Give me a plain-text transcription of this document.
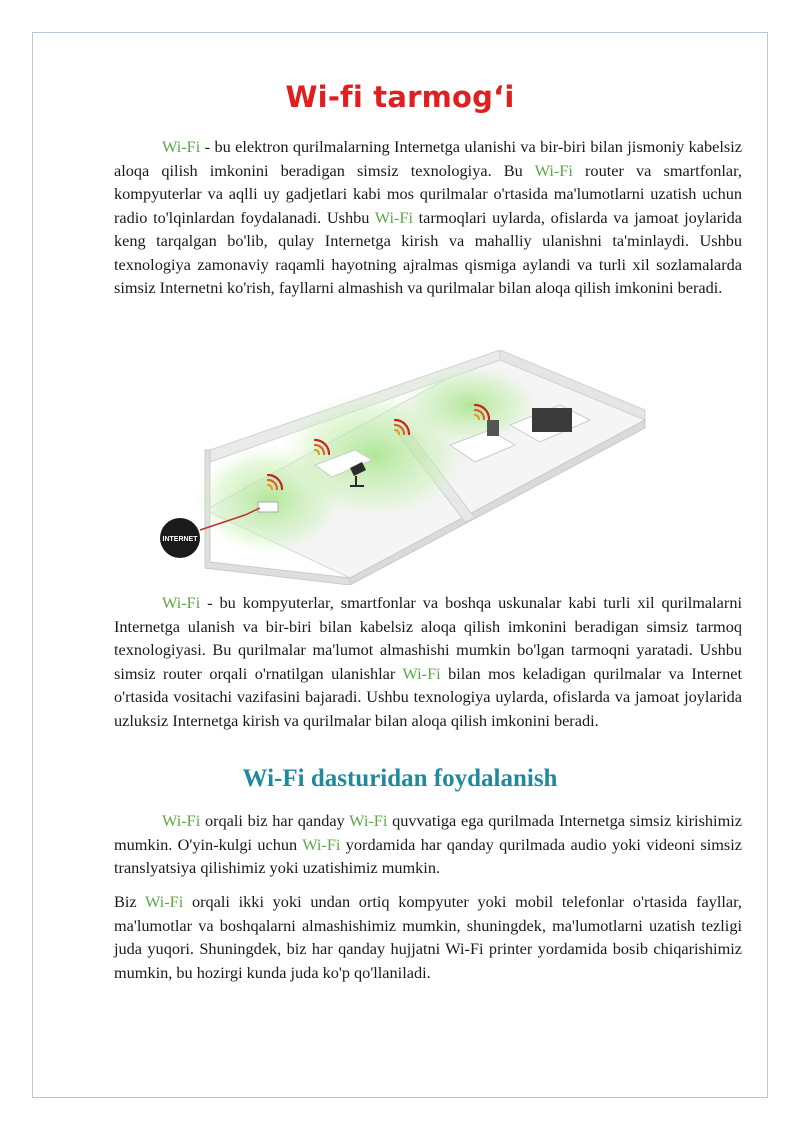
Wi-fi tarmog‘i

Wi-Fi - bu elektron qurilmalarning Internetga ulanishi va bir-biri bilan jismoniy kabelsiz aloqa qilish imkonini beradigan simsiz texnologiya. Bu Wi-Fi router va smartfonlar, kompyuterlar va aqlli uy gadjetlari kabi mos qurilmalar o'rtasida ma'lumotlarni uzatish uchun radio to'lqinlardan foydalanadi. Ushbu Wi-Fi tarmoqlari uylarda, ofislarda va jamoat joylarida keng tarqalgan bo'lib, qulay Internetga kirish va mahalliy ulanishni ta'minlaydi. Ushbu texnologiya zamonaviy raqamli hayotning ajralmas qismiga aylandi va turli xil sozlamalarda simsiz Internetni ko'rish, fayllarni almashish va qurilmalar bilan aloqa qilish imkonini beradi.

INTERNET

Wi-Fi - bu kompyuterlar, smartfonlar va boshqa uskunalar kabi turli xil qurilmalarni Internetga ulanish va bir-biri bilan kabelsiz aloqa qilish imkonini beradigan simsiz tarmoq texnologiyasi. Bu qurilmalar ma'lumot almashishi mumkin bo'lgan tarmoqni yaratadi. Ushbu simsiz router orqali o'rnatilgan ulanishlar Wi-Fi bilan mos keladigan qurilmalar va Internet o'rtasida vositachi vazifasini bajaradi. Ushbu texnologiya uylarda, ofislarda va jamoat joylarida uzluksiz Internetga kirish va qurilmalar bilan aloqa qilish imkonini beradi.

Wi-Fi dasturidan foydalanish

Wi-Fi orqali biz har qanday Wi-Fi quvvatiga ega qurilmada Internetga simsiz kirishimiz mumkin. O'yin-kulgi uchun Wi-Fi yordamida har qanday qurilmada audio yoki videoni simsiz translyatsiya qilishimiz yoki uzatishimiz mumkin.

Biz Wi-Fi orqali ikki yoki undan ortiq kompyuter yoki mobil telefonlar o'rtasida fayllar, ma'lumotlar va boshqalarni almashishimiz mumkin, shuningdek, ma'lumotlarni uzatish tezligi juda yuqori. Shuningdek, biz har qanday hujjatni Wi-Fi printer yordamida bosib chiqarishimiz mumkin, bu hozirgi kunda juda ko'p qo'llaniladi.
